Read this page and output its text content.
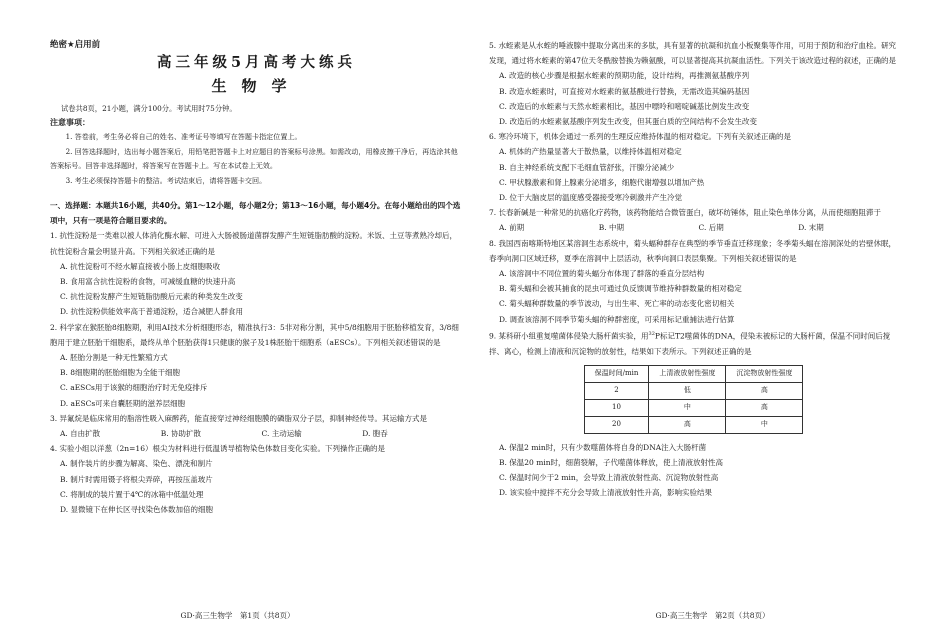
绝密★启用前
高三年级5月高考大练兵
生物学
试卷共8页，21小题，满分100分。考试用时75分钟。
注意事项：
1. 答卷前，考生务必将自己的姓名、准考证号等填写在答题卡指定位置上。
2. 回答选择题时，选出每小题答案后，用铅笔把答题卡上对应题目的答案标号涂黑。如需改动，用橡皮擦干净后，再选涂其他答案标号。回答非选择题时，将答案写在答题卡上。写在本试卷上无效。
3. 考生必须保持答题卡的整洁。考试结束后，请将答题卡交回。
一、选择题：本题共16小题，共40分。第1～12小题，每小题2分；第13～16小题，每小题4分。在每小题给出的四个选项中，只有一项是符合题目要求的。
1. 抗性淀粉是一类难以被人体消化酶水解、可进入大肠被肠道菌群发酵产生短链脂肪酸的淀粉。米饭、土豆等煮熟冷却后，抗性淀粉含量会明显升高。下列相关叙述正确的是
A. 抗性淀粉可不经水解直接被小肠上皮细胞吸收
B. 食用富含抗性淀粉的食物，可减缓血糖的快速升高
C. 抗性淀粉发酵产生短链脂肪酸后元素的种类发生改变
D. 抗性淀粉供能效率高于普通淀粉，适合减肥人群食用
2. 科学家在猴胚胎8细胞期，利用AI技术分析细胞形态，精准执行3：5非对称分割，其中5/8细胞用于胚胎移植发育，3/8细胞用于建立胚胎干细胞系，最终从单个胚胎获得1只健康的猴子及1株胚胎干细胞系（aESCs）。下列相关叙述错误的是
A. 胚胎分割是一种无性繁殖方式
B. 8细胞期的胚胎细胞为全能干细胞
C. aESCs用于该猴的细胞治疗时无免疫排斥
D. aESCs可来自囊胚期的滋养层细胞
3. 异氟烷是临床常用的脂溶性吸入麻醉药，能直接穿过神经细胞膜的磷脂双分子层，抑制神经传导。其运输方式是
A. 自由扩散	B. 协助扩散	C. 主动运输	D. 胞吞
4. 实验小组以洋葱（2n=16）根尖为材料进行低温诱导植物染色体数目变化实验。下列操作正确的是
A. 制作装片的步骤为解离、染色、漂洗和制片
B. 制片时需用镊子将根尖弄碎，再按压盖玻片
C. 将制成的装片置于4℃的冰箱中低温处理
D. 显微镜下在伸长区寻找染色体数加倍的细胞
GD·高三生物学　第1页（共8页）
5. 水蛭素是从水蛭的唾液腺中提取分离出来的多肽，具有显著的抗凝和抗血小板聚集等作用，可用于预防和治疗血栓。研究发现，通过将水蛭素的第47位天冬酰胺替换为赖氨酸，可以显著提高其抗凝血活性。下列关于该改造过程的叙述，正确的是
A. 改造的核心步骤是根据水蛭素的预期功能，设计结构，再推测氨基酸序列
B. 改造水蛭素时，可直接对水蛭素的氨基酸进行替换，无需改造其编码基因
C. 改造后的水蛭素与天然水蛭素相比，基因中嘌呤和嘧啶碱基比例发生改变
D. 改造后的水蛭素氨基酸序列发生改变，但其蛋白质的空间结构不会发生改变
6. 寒冷环境下，机体会通过一系列的生理反应维持体温的相对稳定。下列有关叙述正确的是
A. 机体的产热量显著大于散热量，以维持体温相对稳定
B. 自主神经系统支配下毛细血管舒张，汗腺分泌减少
C. 甲状腺激素和肾上腺素分泌增多，细胞代谢增强以增加产热
D. 位于大脑皮层的温度感受器接受寒冷刺激并产生冷觉
7. 长春新碱是一种常见的抗癌化疗药物，该药物能结合微管蛋白，破坏纺锤体，阻止染色单体分离，从而使细胞阻滞于
A. 前期	B. 中期	C. 后期	D. 末期
8. 我国西南喀斯特地区某溶洞生态系统中，菊头蝠种群存在典型的季节垂直迁移现象；冬季菊头蝠在溶洞深处的岩壁休眠，春季向洞口区域迁移，夏季在溶洞中上层活动，秋季向洞口表层集聚。下列相关叙述错误的是
A. 该溶洞中不同位置的菊头蝠分布体现了群落的垂直分层结构
B. 菊头蝠和会被其捕食的昆虫可通过负反馈调节维持种群数量的相对稳定
C. 菊头蝠种群数量的季节波动，与出生率、死亡率的动态变化密切相关
D. 调查该溶洞不同季节菊头蝠的种群密度，可采用标记重捕法进行估算
9. 某科研小组重复噬菌体侵染大肠杆菌实验，用$^{32}$P标记T2噬菌体的DNA，侵染未被标记的大肠杆菌，保温不同时间后搅拌、离心，检测上清液和沉淀物的放射性，结果如下表所示。下列叙述正确的是
保温时间/min	上清液放射性强度	沉淀物放射性强度
2	低	高
10	中	高
20	高	中
A. 保温2 min时，只有少数噬菌体将自身的DNA注入大肠杆菌
B. 保温20 min时，细菌裂解，子代噬菌体释放，使上清液放射性高
C. 保温时间少于2 min，会导致上清液放射性高、沉淀物放射性高
D. 该实验中搅拌不充分会导致上清液放射性升高，影响实验结果
GD·高三生物学　第2页（共8页）
